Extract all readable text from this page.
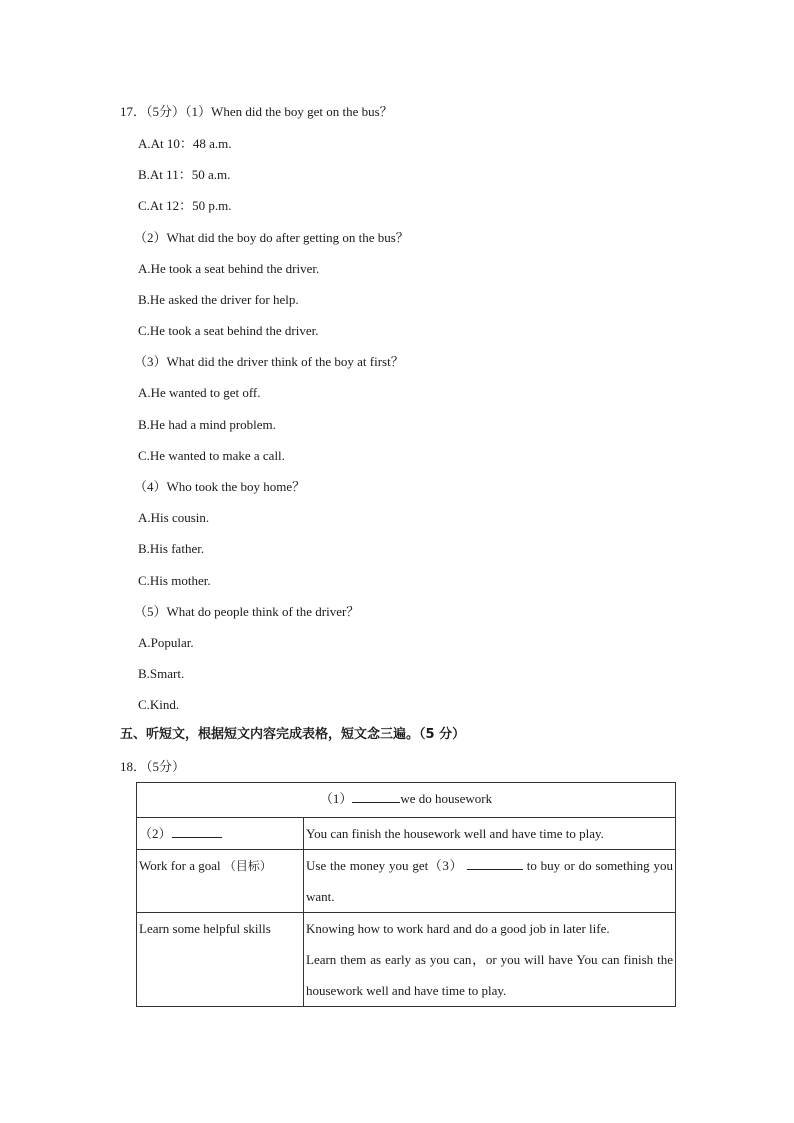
17．（5分）（1）When did the boy get on the bus？
A.At 10：48 a.m.
B.At 11：50 a.m.
C.At 12：50 p.m.
（2）What did the boy do after getting on the bus？
A.He took a seat behind the driver.
B.He asked the driver for help.
C.He took a seat behind the driver.
（3）What did the driver think of the boy at first？
A.He wanted to get off.
B.He had a mind problem.
C.He wanted to make a call.
（4）Who took the boy home？
A.His cousin.
B.His father.
C.His mother.
（5）What do people think of the driver？
A.Popular.
B.Smart.
C.Kind.
五、听短文，根据短文内容完成表格，短文念三遍。（5 分）
18．（5分）
（1） we do housework	
（2）	You can finish the housework well and have time to play.
Work for a goal （目标）	Use the money you get（3） to buy or do something you want.
Learn some helpful skills	Knowing how to work hard and do a good job in later life.
Learn them as early as you can，or you will have You can finish the housework well and have time to play.
